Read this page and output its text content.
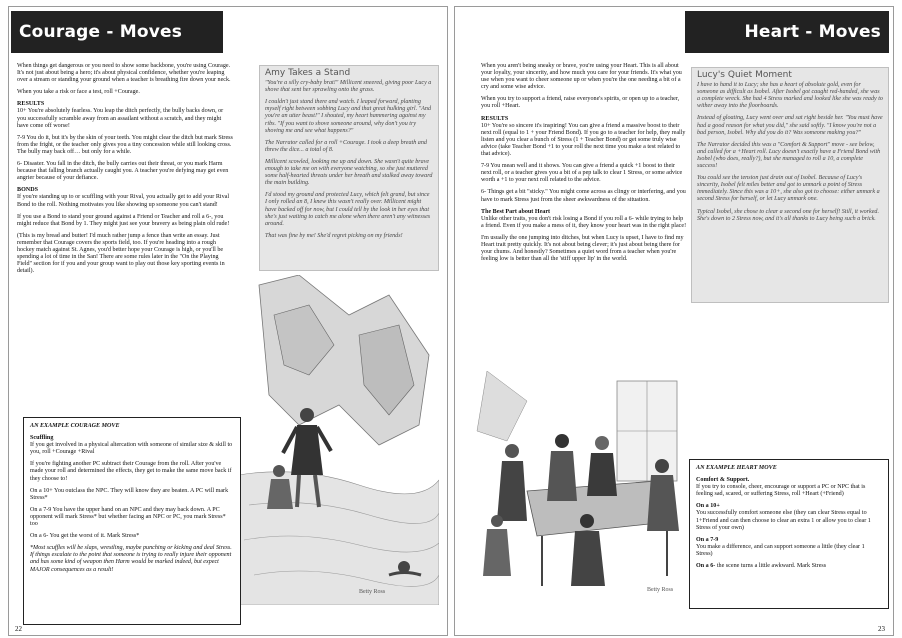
Courage - Moves

When things get dangerous or you need to show some backbone, you're using Courage. It's not just about being a hero; it's about physical confidence, whether you're leaping over a stream or standing your ground when a teacher is breathing fire down your neck.

When you take a risk or face a test, roll +Courage.

RESULTS

10+ You're absolutely fearless. You leap the ditch perfectly, the bully backs down, or you successfully scramble away from an assailant without a scratch, and they might have come off worse!

7-9 You do it, but it's by the skin of your teeth. You might clear the ditch but mark Stress from the fright, or the teacher only gives you a tiny concession while still looking cross. The bully may back off… but only for a while.

6- Disaster. You fall in the ditch, the bully carries out their threat, or you mark Harm because that falling branch actually caught you. A teacher you're defying may get even angrier because of your defiance.

BONDS

If you're standing up to or scuffling with your Rival, you actually get to add your Rival Bond to the roll. Nothing motivates you like showing up someone you can't stand!

If you use a Bond to stand your ground against a Friend or Teacher and roll a 6-, you might reduce that Bond by 1. They might just see your bravery as being plain old rude!

(This is my bread and butter! I'd much rather jump a fence than write an essay. Just remember that Courage covers the sports field, too. If you're heading into a rough hockey match against St. Agnes, you'd better hope your Courage is high, or you'll be spending a lot of time in the San! There are some rules later in the "On the Playing Field" section for if you and your group want to play out those key sporting events in detail).

Amy Takes a Stand

"You're a silly cry-baby brat!" Millicent sneered, giving poor Lucy a shove that sent her sprawling onto the grass.

I couldn't just stand there and watch. I leaped forward, planting myself right between sobbing Lucy and that great hulking girl. "And you're an utter beast!" I shouted, my heart hammering against my ribs. "If you want to shove someone around, why don't you try shoving me and see what happens?"

The Narrator called for a roll +Courage. I took a deep breath and threw the dice... a total of 8.

Millicent scowled, looking me up and down. She wasn't quite brave enough to take me on with everyone watching, so she just muttered some half-hearted threats under her breath and stalked away toward the main building.

I'd stood my ground and protected Lucy, which felt grand, but since I only rolled an 8, I knew this wasn't really over. Millicent might have backed off for now, but I could tell by the look in her eyes that she's just waiting to catch me alone when there aren't any witnesses around.

That was fine by me! She'd regret picking on my friends!

Betty Ross
AN EXAMPLE COURAGE MOVE

Scuffling

If you get involved in a physical altercation with someone of similar size & skill to you, roll +Courage +Rival

If you're fighting another PC subtract their Courage from the roll. After you've made your roll and determined the effects, they get to make the same move back if they choose to!

On a 10+ You outclass the NPC. They will know they are beaten. A PC will mark Stress*

On a 7-9 You have the upper hand on an NPC and they may back down. A PC opponent will mark Stress* but whether facing an NPC or PC, you mark Stress* too

On a 6- You get the worst of it. Mark Stress*

*Most scuffles will be slaps, wrestling, maybe punching or kicking and deal Stress. If things escalate to the point that someone is trying to really injure their opponent and has some kind of weapon then Harm would be marked indeed, but expect MAJOR consequences as a result!

22
Heart - Moves

When you aren't being sneaky or brave, you're using your Heart. This is all about your loyalty, your sincerity, and how much you care for your friends. It's what you use when you want to cheer someone up or when you're the one needing a bit of a cry and some wise advice.

When you try to support a friend, raise everyone's spirits, or open up to a teacher, you roll +Heart.

RESULTS

10+ You're so sincere it's inspiring! You can give a friend a massive boost to their next roll (equal to 1 + your Friend Bond). If you go to a teacher for help, they really listen and you clear a bunch of Stress (1 + Teacher Bond) or get some truly wise advice (take Teacher Bond +1 to your roll the next time you make a test related to that advice).

7-9 You mean well and it shows. You can give a friend a quick +1 boost to their next roll, or a teacher gives you a bit of a pep talk to clear 1 Stress, or some advice worth a +1 to your next roll related to the advice.

6- Things get a bit "sticky." You might come across as clingy or interfering, and you have to mark Stress just from the sheer awkwardness of the situation.

The Best Part about Heart

Unlike other traits, you don't risk losing a Bond if you roll a 6- while trying to help a friend. Even if you make a mess of it, they know your heart was in the right place!

I'm usually the one jumping into ditches, but when Lucy is upset, I have to find my Heart trait pretty quickly. It's not about being clever; it's just about being there for your chums. And honestly? Sometimes a quiet word from a teacher when you're feeling low is better than all the 'stiff upper lip' in the world.

Lucy's Quiet Moment

I have to hand it to Lucy; she has a heart of absolute gold, even for someone as difficult as Isobel. After Isobel got caught red-handed, she was a complete wreck. She had 4 Stress marked and looked like she was ready to wither away into the floorboards.

Instead of gloating, Lucy went over and sat right beside her. "You must have had a good reason for what you did," she said softly. "I know you're not a bad person, Isobel. Why did you do it? Was someone making you?"

The Narrator decided this was a "Comfort & Support" move - see below, and called for a +Heart roll. Lucy doesn't exactly have a Friend Bond with Isobel (who does, really?), but she managed to roll a 10, a complete success!

You could see the tension just drain out of Isobel. Because of Lucy's sincerity, Isobel felt miles better and got to unmark a point of Stress immediately. Since this was a 10+, she also got to choose: either unmark a second Stress for herself, or let Lucy unmark one.

Typical Isobel, she chose to clear a second one for herself! Still, it worked. She's down to 2 Stress now, and it's all thanks to Lucy being such a brick.

Betty Ross
AN EXAMPLE HEART MOVE

Comfort & Support.

If you try to console, cheer, encourage or support a PC or NPC that is feeling sad, scared, or suffering Stress, roll +Heart (+Friend)

On a 10+

You successfully comfort someone else (they can clear Stress equal to 1+Friend and can then choose to clear an extra 1 or allow you to clear 1 Stress of your own)

On a 7-9

You make a difference, and can support someone a little (they clear 1 Stress)

On a 6- the scene turns a little awkward. Mark Stress

23
